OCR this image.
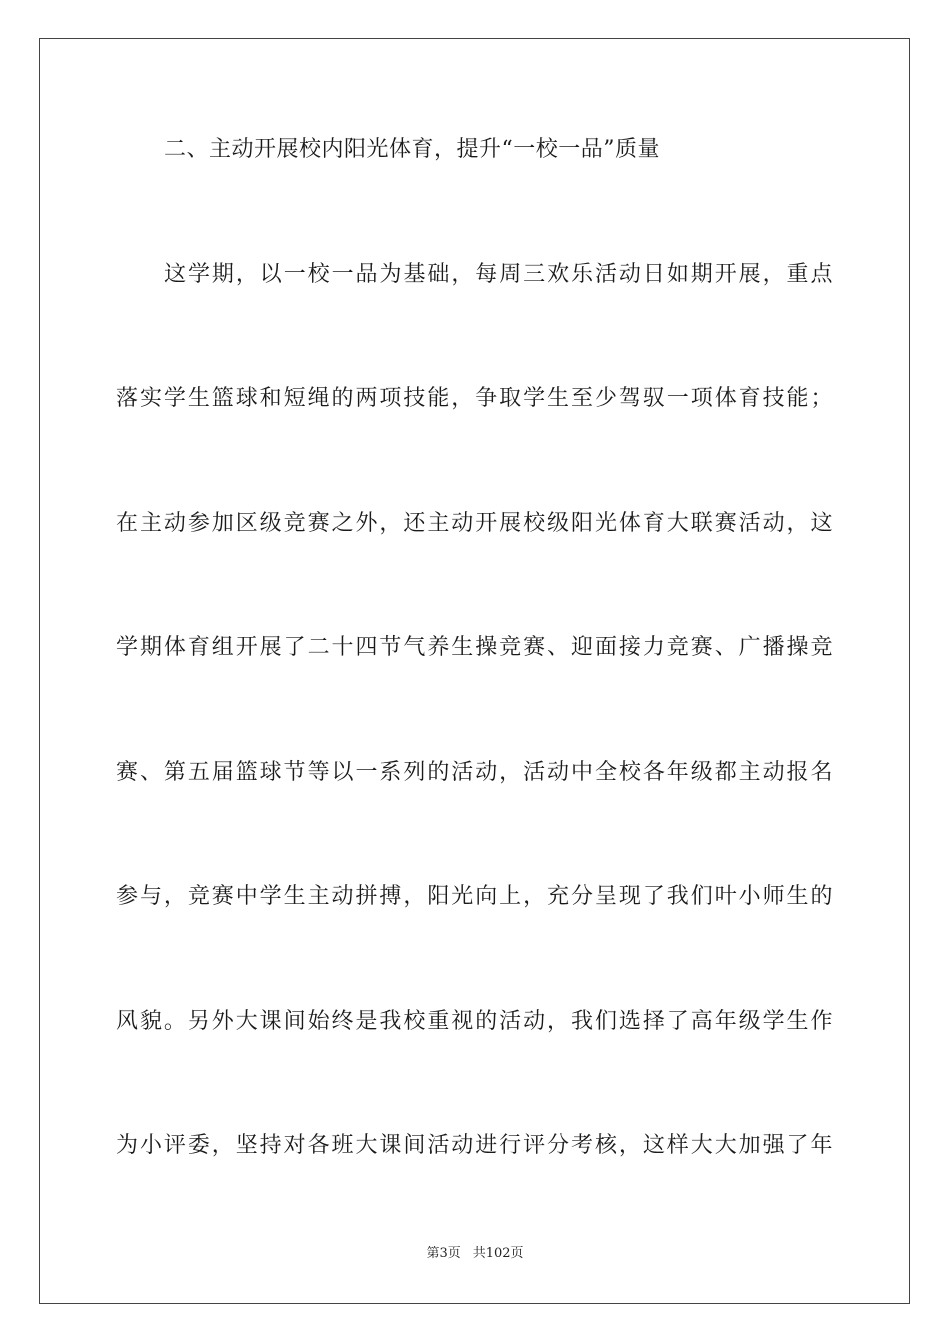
二、主动开展校内阳光体育，提升“一校一品”质量
这学期，以一校一品为基础，每周三欢乐活动日如期开展，重点
落实学生篮球和短绳的两项技能，争取学生至少驾驭一项体育技能；
在主动参加区级竞赛之外，还主动开展校级阳光体育大联赛活动，这
学期体育组开展了二十四节气养生操竞赛、迎面接力竞赛、广播操竞
赛、第五届篮球节等以一系列的活动，活动中全校各年级都主动报名
参与，竞赛中学生主动拼搏，阳光向上，充分呈现了我们叶小师生的
风貌。另外大课间始终是我校重视的活动，我们选择了高年级学生作
为小评委，坚持对各班大课间活动进行评分考核，这样大大加强了年
第3页 共102页
